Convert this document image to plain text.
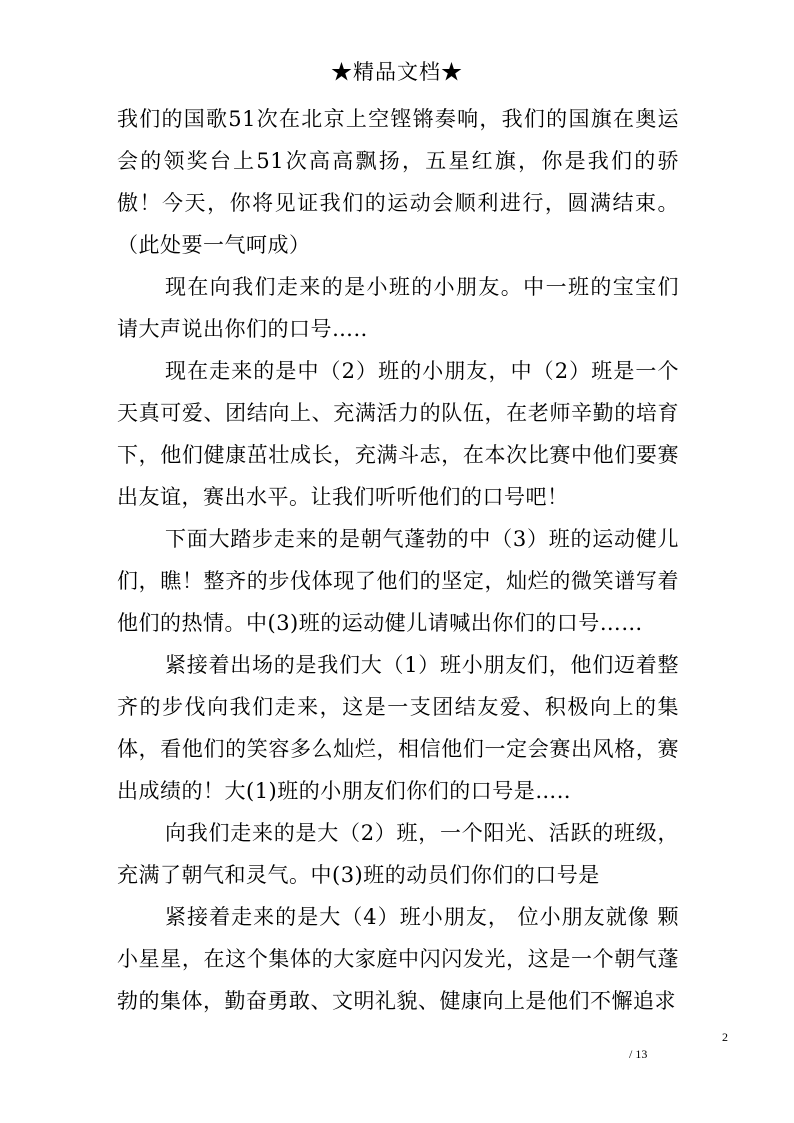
★精品文档★

我们的国歌51次在北京上空铿锵奏响，我们的国旗在奥运会的领奖台上51次高高飘扬，五星红旗，你是我们的骄傲！今天，你将见证我们的运动会顺利进行，圆满结束。（此处要一气呵成）

现在向我们走来的是小班的小朋友。中一班的宝宝们请大声说出你们的口号….．

现在走来的是中（2）班的小朋友，中（2）班是一个天真可爱、团结向上、充满活力的队伍，在老师辛勤的培育下，他们健康茁壮成长，充满斗志，在本次比赛中他们要赛出友谊，赛出水平。让我们听听他们的口号吧！

下面大踏步走来的是朝气蓬勃的中（3）班的运动健儿们，瞧！整齐的步伐体现了他们的坚定，灿烂的微笑谱写着他们的热情。中(3)班的运动健儿请喊出你们的口号……

紧接着出场的是我们大（1）班小朋友们，他们迈着整齐的步伐向我们走来，这是一支团结友爱、积极向上的集体，看他们的笑容多么灿烂，相信他们一定会赛出风格，赛出成绩的！大(1)班的小朋友们你们的口号是….．

向我们走来的是大（2）班，一个阳光、活跃的班级，充满了朝气和灵气。中(3)班的动员们你们的口号是

紧接着走来的是大（4）班小朋友， 位小朋友就像 颗小星星，在这个集体的大家庭中闪闪发光，这是一个朝气蓬勃的集体，勤奋勇敢、文明礼貌、健康向上是他们不懈追求

2
/ 13
